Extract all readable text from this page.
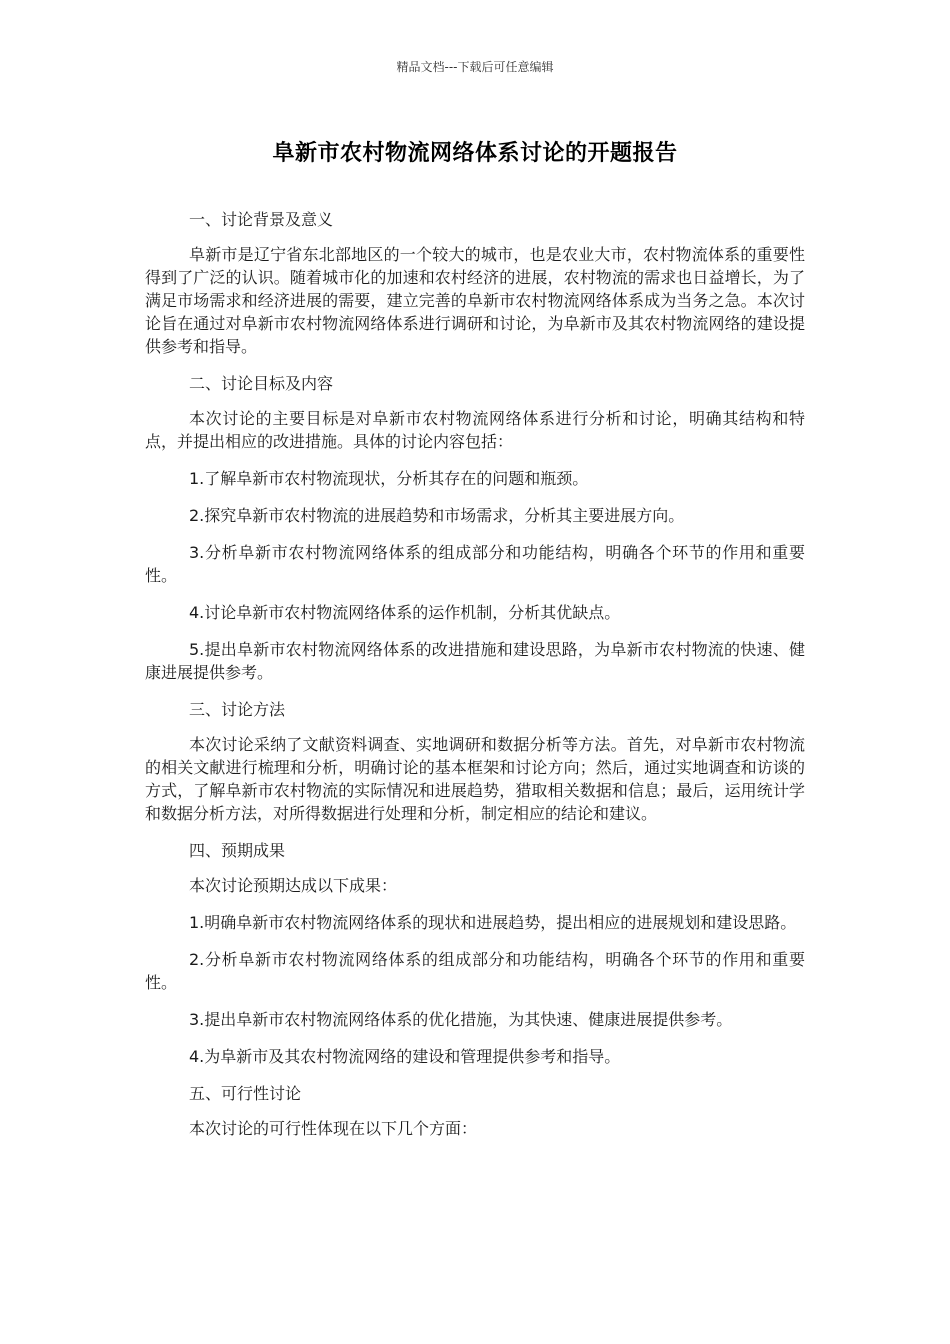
精品文档---下载后可任意编辑
阜新市农村物流网络体系讨论的开题报告

一、讨论背景及意义

阜新市是辽宁省东北部地区的一个较大的城市，也是农业大市，农村物流体系的重要性得到了广泛的认识。随着城市化的加速和农村经济的进展，农村物流的需求也日益增长，为了满足市场需求和经济进展的需要，建立完善的阜新市农村物流网络体系成为当务之急。本次讨论旨在通过对阜新市农村物流网络体系进行调研和讨论，为阜新市及其农村物流网络的建设提供参考和指导。

二、讨论目标及内容

本次讨论的主要目标是对阜新市农村物流网络体系进行分析和讨论，明确其结构和特点，并提出相应的改进措施。具体的讨论内容包括：

1.了解阜新市农村物流现状，分析其存在的问题和瓶颈。

2.探究阜新市农村物流的进展趋势和市场需求，分析其主要进展方向。

3.分析阜新市农村物流网络体系的组成部分和功能结构，明确各个环节的作用和重要性。

4.讨论阜新市农村物流网络体系的运作机制，分析其优缺点。

5.提出阜新市农村物流网络体系的改进措施和建设思路，为阜新市农村物流的快速、健康进展提供参考。

三、讨论方法

本次讨论采纳了文献资料调查、实地调研和数据分析等方法。首先，对阜新市农村物流的相关文献进行梳理和分析，明确讨论的基本框架和讨论方向；然后，通过实地调查和访谈的方式，了解阜新市农村物流的实际情况和进展趋势，猎取相关数据和信息；最后，运用统计学和数据分析方法，对所得数据进行处理和分析，制定相应的结论和建议。

四、预期成果

本次讨论预期达成以下成果：

1.明确阜新市农村物流网络体系的现状和进展趋势，提出相应的进展规划和建设思路。

2.分析阜新市农村物流网络体系的组成部分和功能结构，明确各个环节的作用和重要性。

3.提出阜新市农村物流网络体系的优化措施，为其快速、健康进展提供参考。

4.为阜新市及其农村物流网络的建设和管理提供参考和指导。

五、可行性讨论

本次讨论的可行性体现在以下几个方面：
